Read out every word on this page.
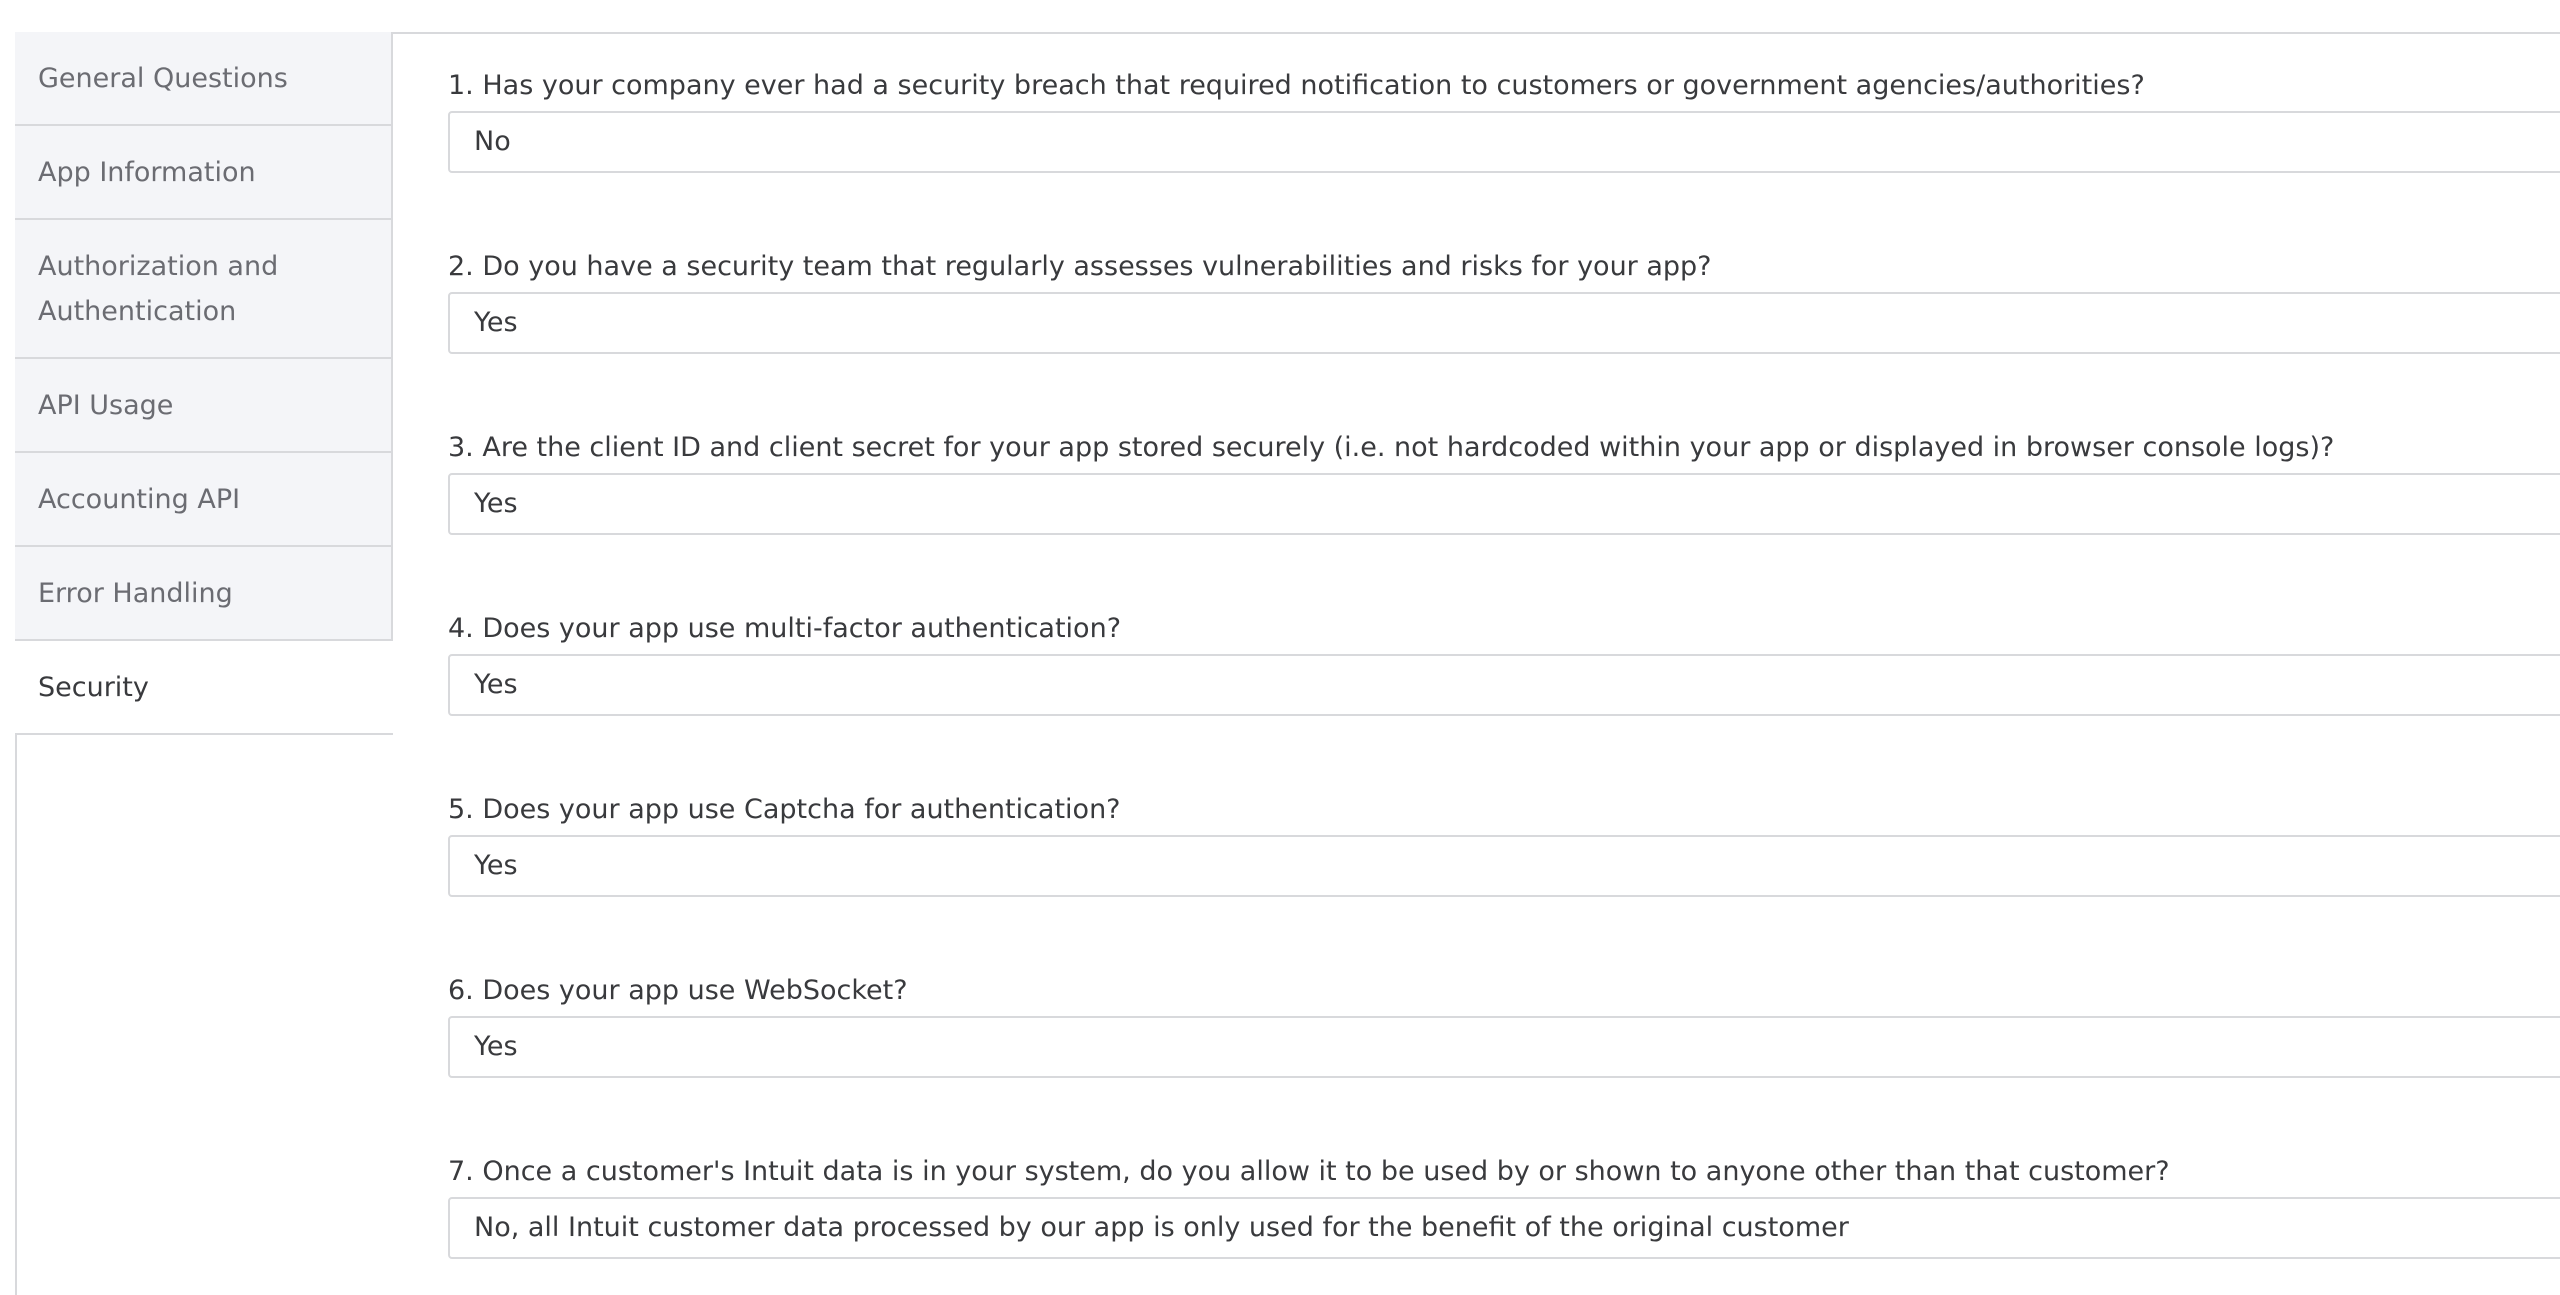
General Questions
App Information
Authorization and Authentication
API Usage
Accounting API
Error Handling
Security

1. Has your company ever had a security breach that required notification to customers or government agencies/authorities?

No

2. Do you have a security team that regularly assesses vulnerabilities and risks for your app?

Yes

3. Are the client ID and client secret for your app stored securely (i.e. not hardcoded within your app or displayed in browser console logs)?

Yes

4. Does your app use multi-factor authentication?

Yes

5. Does your app use Captcha for authentication?

Yes

6. Does your app use WebSocket?

Yes

7. Once a customer's Intuit data is in your system, do you allow it to be used by or shown to anyone other than that customer?

No, all Intuit customer data processed by our app is only used for the benefit of the original customer
